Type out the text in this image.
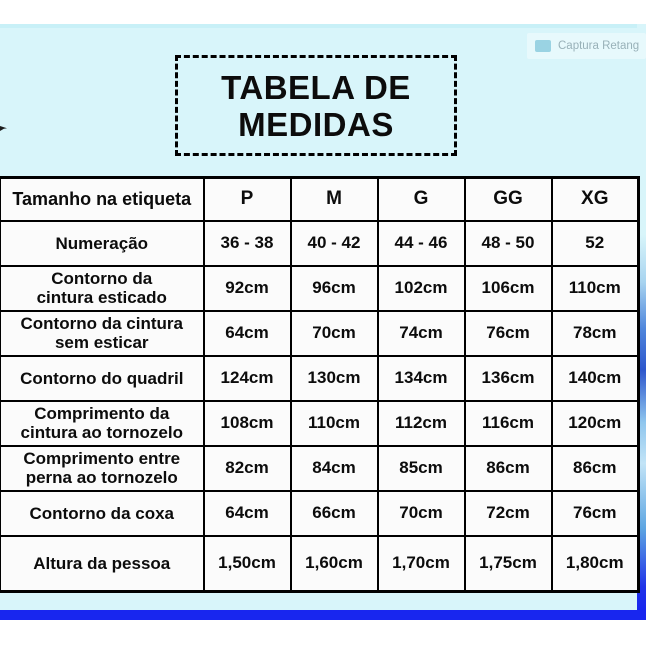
Captura Retang
TABELA DE
MEDIDAS
Tamanho na etiqueta	P	M	G	GG	XG

Numeração	36 - 38	40 - 42	44 - 46	48 - 50	52

Contorno da
cintura esticado	92cm	96cm	102cm	106cm	110cm

Contorno da cintura
sem esticar	64cm	70cm	74cm	76cm	78cm

Contorno do quadril	124cm	130cm	134cm	136cm	140cm

Comprimento da
cintura ao tornozelo	108cm	110cm	112cm	116cm	120cm

Comprimento entre
perna ao tornozelo	82cm	84cm	85cm	86cm	86cm

Contorno da coxa	64cm	66cm	70cm	72cm	76cm

Altura da pessoa	1,50cm	1,60cm	1,70cm	1,75cm	1,80cm
